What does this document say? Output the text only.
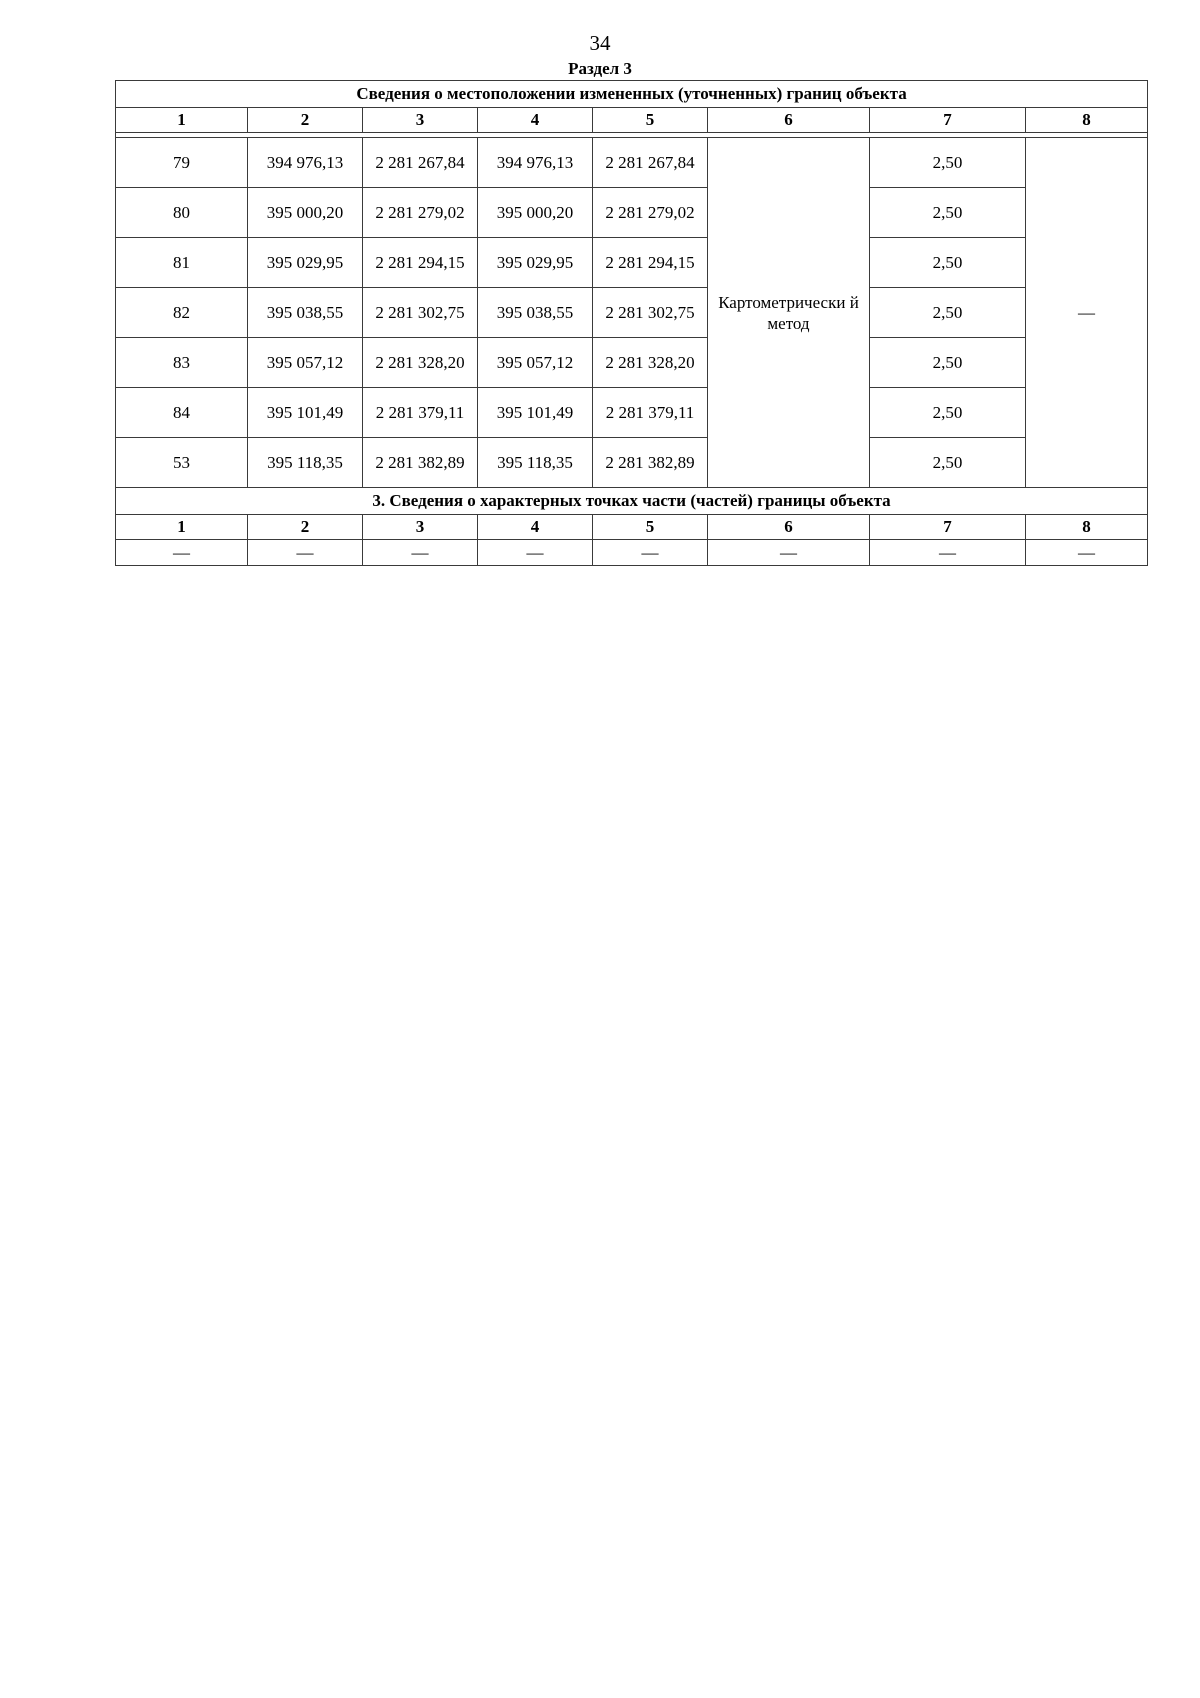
34
Раздел 3
Сведения о местоположении измененных (уточненных) границ объекта							
1	2	3	4	5	6	7	8

79	394 976,13	2 281 267,84	394 976,13	2 281 267,84	Картометрически й метод	2,50	—
80	395 000,20	2 281 279,02	395 000,20	2 281 279,02		2,50	
81	395 029,95	2 281 294,15	395 029,95	2 281 294,15		2,50	
82	395 038,55	2 281 302,75	395 038,55	2 281 302,75		2,50	
83	395 057,12	2 281 328,20	395 057,12	2 281 328,20		2,50	
84	395 101,49	2 281 379,11	395 101,49	2 281 379,11		2,50	
53	395 118,35	2 281 382,89	395 118,35	2 281 382,89		2,50	
3. Сведения о характерных точках части (частей) границы объекта							
1	2	3	4	5	6	7	8
—	—	—	—	—	—	—	—
